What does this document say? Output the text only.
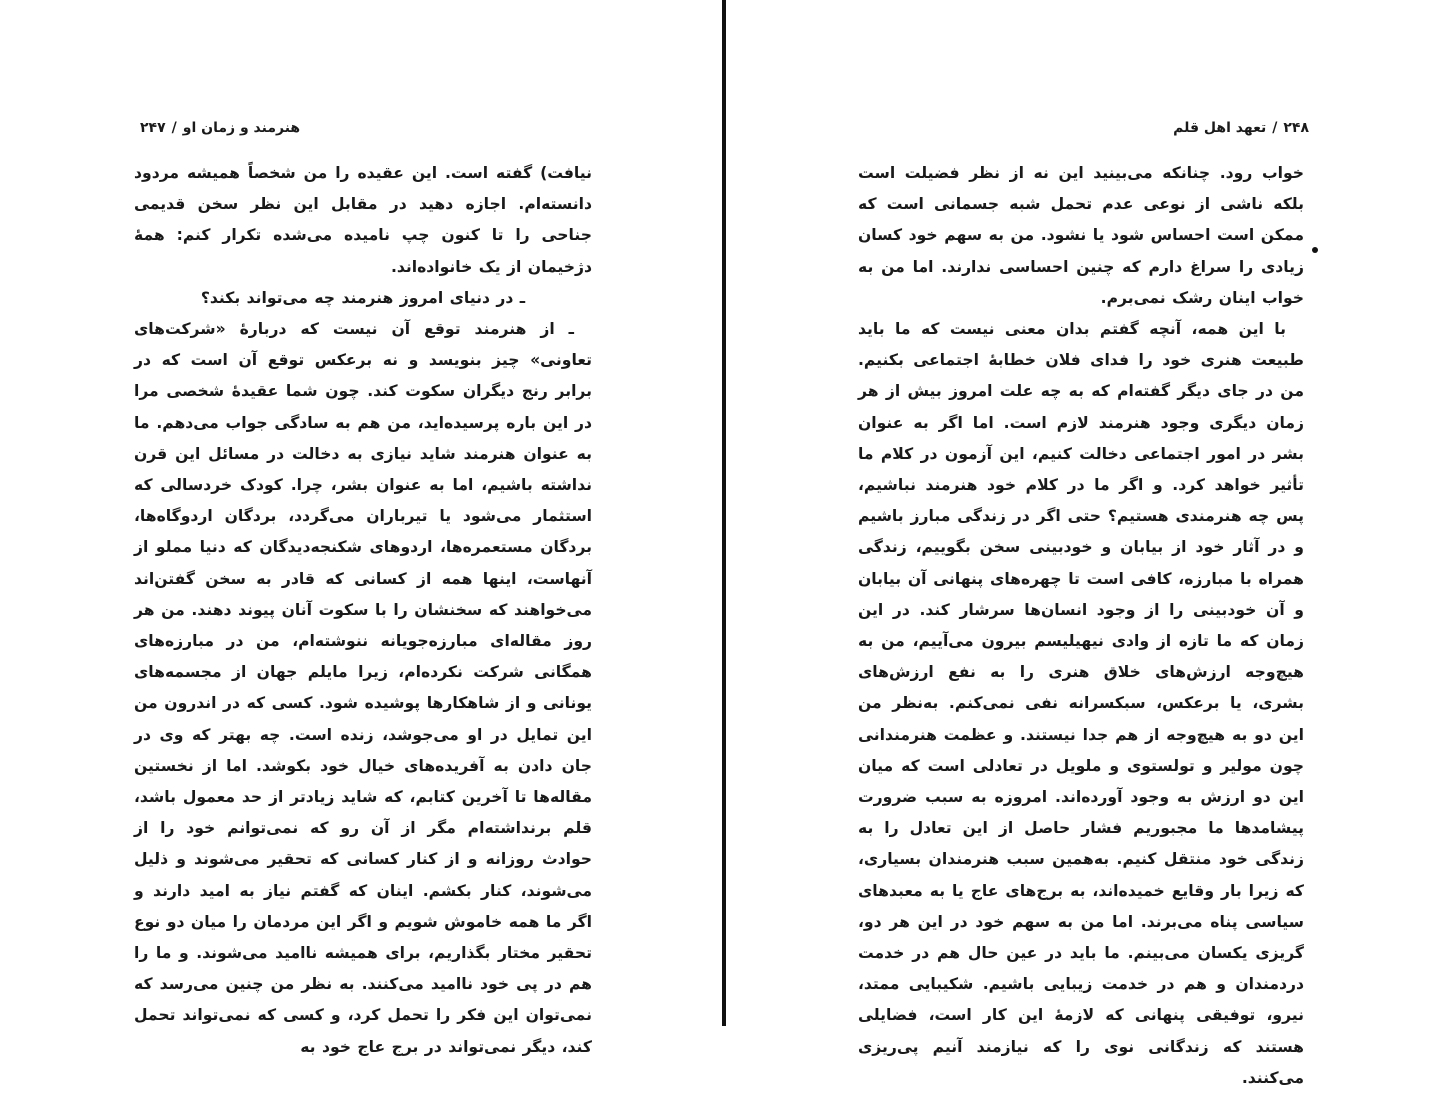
هنرمند و زمان او/۲۴۷

نیافت) گفته است. این عقیده را من شخصاً همیشه مردود دانسته‌ام. اجازه دهید در مقابل این نظر سخن قدیمی جناحی را تا کنون چپ نامیده می‌شده تکرار کنم: همهٔ دژخیمان از یک خانواده‌اند.

ـ در دنیای امروز هنرمند چه می‌تواند بکند؟

ـ از هنرمند توقع آن نیست که دربارهٔ «شرکت‌های تعاونی» چیز بنویسد و نه برعکس توقع آن است که در برابر رنج دیگران سکوت کند. چون شما عقیدهٔ شخصی مرا در این باره پرسیده‌اید، من هم به سادگی جواب می‌دهم. ما به عنوان هنرمند شاید نیازی به دخالت در مسائل این قرن نداشته باشیم، اما به عنوان بشر، چرا. کودک خردسالی که استثمار می‌شود یا تیرباران می‌گردد، بردگان اردوگاه‌ها، بردگان مستعمره‌ها، اردوهای شکنجه‌دیدگان که دنیا مملو از آنهاست، اینها همه از کسانی که قادر به سخن گفتن‌اند می‌خواهند که سخنشان را با سکوت آنان پیوند دهند. من هر روز مقاله‌ای مبارزه‌جویانه ننوشته‌ام، من در مبارزه‌های همگانی شرکت نکرده‌ام، زیرا مایلم جهان از مجسمه‌های یونانی و از شاهکارها پوشیده شود. کسی که در اندرون من این تمایل در او می‌جوشد، زنده است. چه بهتر که وی در جان دادن به آفریده‌های خیال خود بکوشد. اما از نخستین مقاله‌ها تا آخرین کتابم، که شاید زیادتر از حد معمول باشد، قلم برنداشته‌ام مگر از آن رو که نمی‌توانم خود را از حوادث روزانه و از کنار کسانی که تحقیر می‌شوند و ذلیل می‌شوند، کنار بکشم. اینان که گفتم نیاز به امید دارند و اگر ما همه خاموش شویم و اگر این مردمان را میان دو نوع تحقیر مختار بگذاریم، برای همیشه ناامید می‌شوند. و ما را هم در پی خود ناامید می‌کنند. به نظر من چنین می‌رسد که نمی‌توان این فکر را تحمل کرد، و کسی که نمی‌تواند تحمل کند، دیگر نمی‌تواند در برج عاج خود به

۲۴۸/تعهد اهل قلم

خواب رود. چنانکه می‌بینید این نه از نظر فضیلت است بلکه ناشی از نوعی عدم تحمل شبه جسمانی است که ممکن است احساس شود یا نشود. من به سهم خود کسان زیادی را سراغ دارم که چنین احساسی ندارند. اما من به خواب اینان رشک نمی‌برم.

با این همه، آنچه گفتم بدان معنی نیست که ما باید طبیعت هنری خود را فدای فلان خطابهٔ اجتماعی بکنیم. من در جای دیگر گفته‌ام که به چه علت امروز بیش از هر زمان دیگری وجود هنرمند لازم است. اما اگر به عنوان بشر در امور اجتماعی دخالت کنیم، این آزمون در کلام ما تأثیر خواهد کرد. و اگر ما در کلام خود هنرمند نباشیم، پس چه هنرمندی هستیم؟ حتی اگر در زندگی مبارز باشیم و در آثار خود از بیابان و خودبینی سخن بگوییم، زندگی همراه با مبارزه، کافی است تا چهره‌های پنهانی آن بیابان و آن خودبینی را از وجود انسان‌ها سرشار کند. در این زمان که ما تازه از وادی نیهیلیسم بیرون می‌آییم، من به هیچ‌وجه ارزش‌های خلاق هنری را به نفع ارزش‌های بشری، یا برعکس، سبکسرانه نفی نمی‌کنم. به‌نظر من این دو به هیچ‌وجه از هم جدا نیستند. و عظمت هنرمندانی چون مولیر و تولستوی و ملویل در تعادلی است که میان این دو ارزش به وجود آورده‌اند. امروزه به سبب ضرورت پیشامدها ما مجبوریم فشار حاصل از این تعادل را به زندگی خود منتقل کنیم. به‌همین سبب هنرمندان بسیاری، که زیرا بار وقایع خمیده‌اند، به برج‌های عاج یا به معبدهای سیاسی پناه می‌برند. اما من به سهم خود در این هر دو، گریزی یکسان می‌بینم. ما باید در عین حال هم در خدمت دردمندان و هم در خدمت زیبایی باشیم. شکیبایی ممتد، نیرو، توفیقی پنهانی که لازمهٔ این کار است، فضایلی هستند که زندگانی نوی را که نیازمند آنیم پی‌ریزی می‌کنند.
